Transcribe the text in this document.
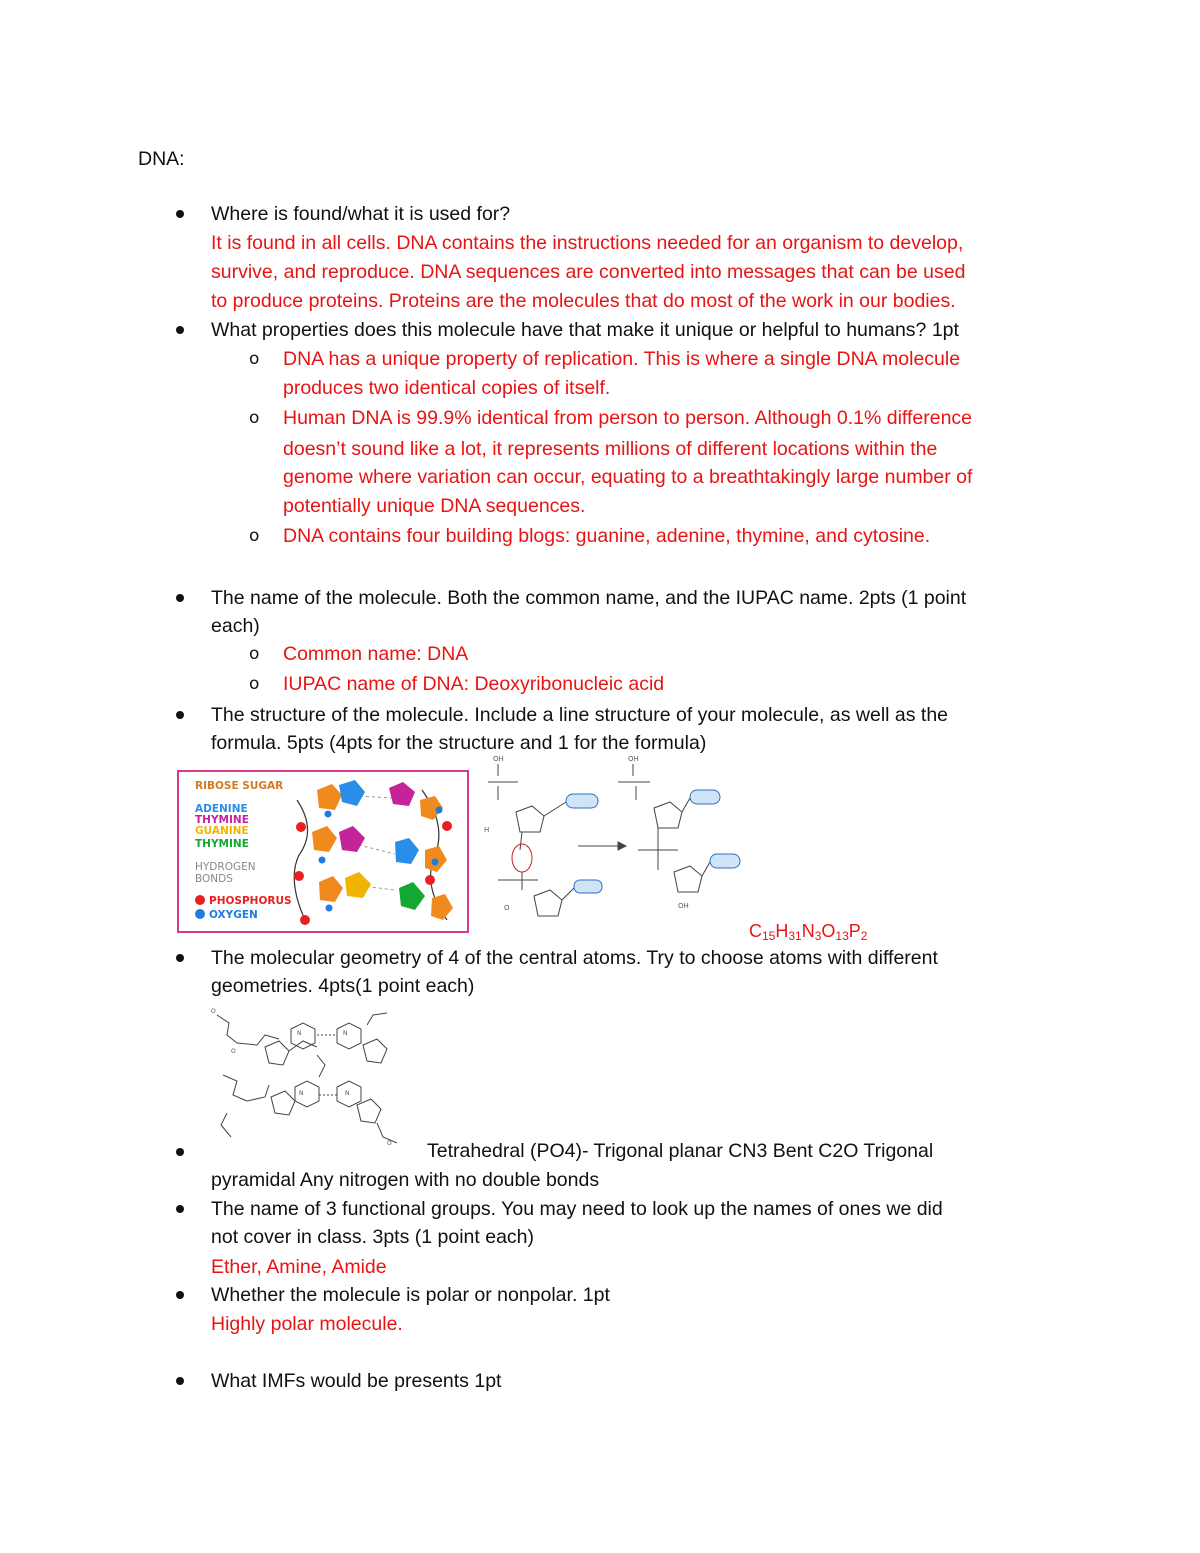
DNA:
Where is found/what it is used for?
It is found in all cells. DNA contains the instructions needed for an organism to develop,
survive, and reproduce. DNA sequences are converted into messages that can be used
to produce proteins. Proteins are the molecules that do most of the work in our bodies.
What properties does this molecule have that make it unique or helpful to humans? 1pt
o DNA has a unique property of replication. This is where a single DNA molecule
produces two identical copies of itself.
o Human DNA is 99.9% identical from person to person. Although 0.1% difference
doesn’t sound like a lot, it represents millions of different locations within the
genome where variation can occur, equating to a breathtakingly large number of
potentially unique DNA sequences.
o DNA contains four building blogs: guanine, adenine, thymine, and cytosine.
The name of the molecule. Both the common name, and the IUPAC name. 2pts (1 point
each)
o Common name: DNA
o IUPAC name of DNA: Deoxyribonucleic acid
The structure of the molecule. Include a line structure of your molecule, as well as the
formula. 5pts (4pts for the structure and 1 for the formula)
RIBOSE SUGAR
ADENINE
THYMINE
GUANINE
THYMINE
HYDROGEN
BONDS
PHOSPHORUS
OXYGEN
OH	OH
H
O	OH
$C_{15}H_{31}N_3O_{13}P_2$
The molecular geometry of 4 of the central atoms. Try to choose atoms with different
geometries. 4pts(1 point each)
O
O
N	N
N	N
O Tetrahedral (PO4)- Trigonal planar CN3 Bent C2O Trigonal
pyramidal Any nitrogen with no double bonds
The name of 3 functional groups. You may need to look up the names of ones we did
not cover in class. 3pts (1 point each)
Ether, Amine, Amide
Whether the molecule is polar or nonpolar. 1pt
Highly polar molecule.
What IMFs would be presents 1pt
